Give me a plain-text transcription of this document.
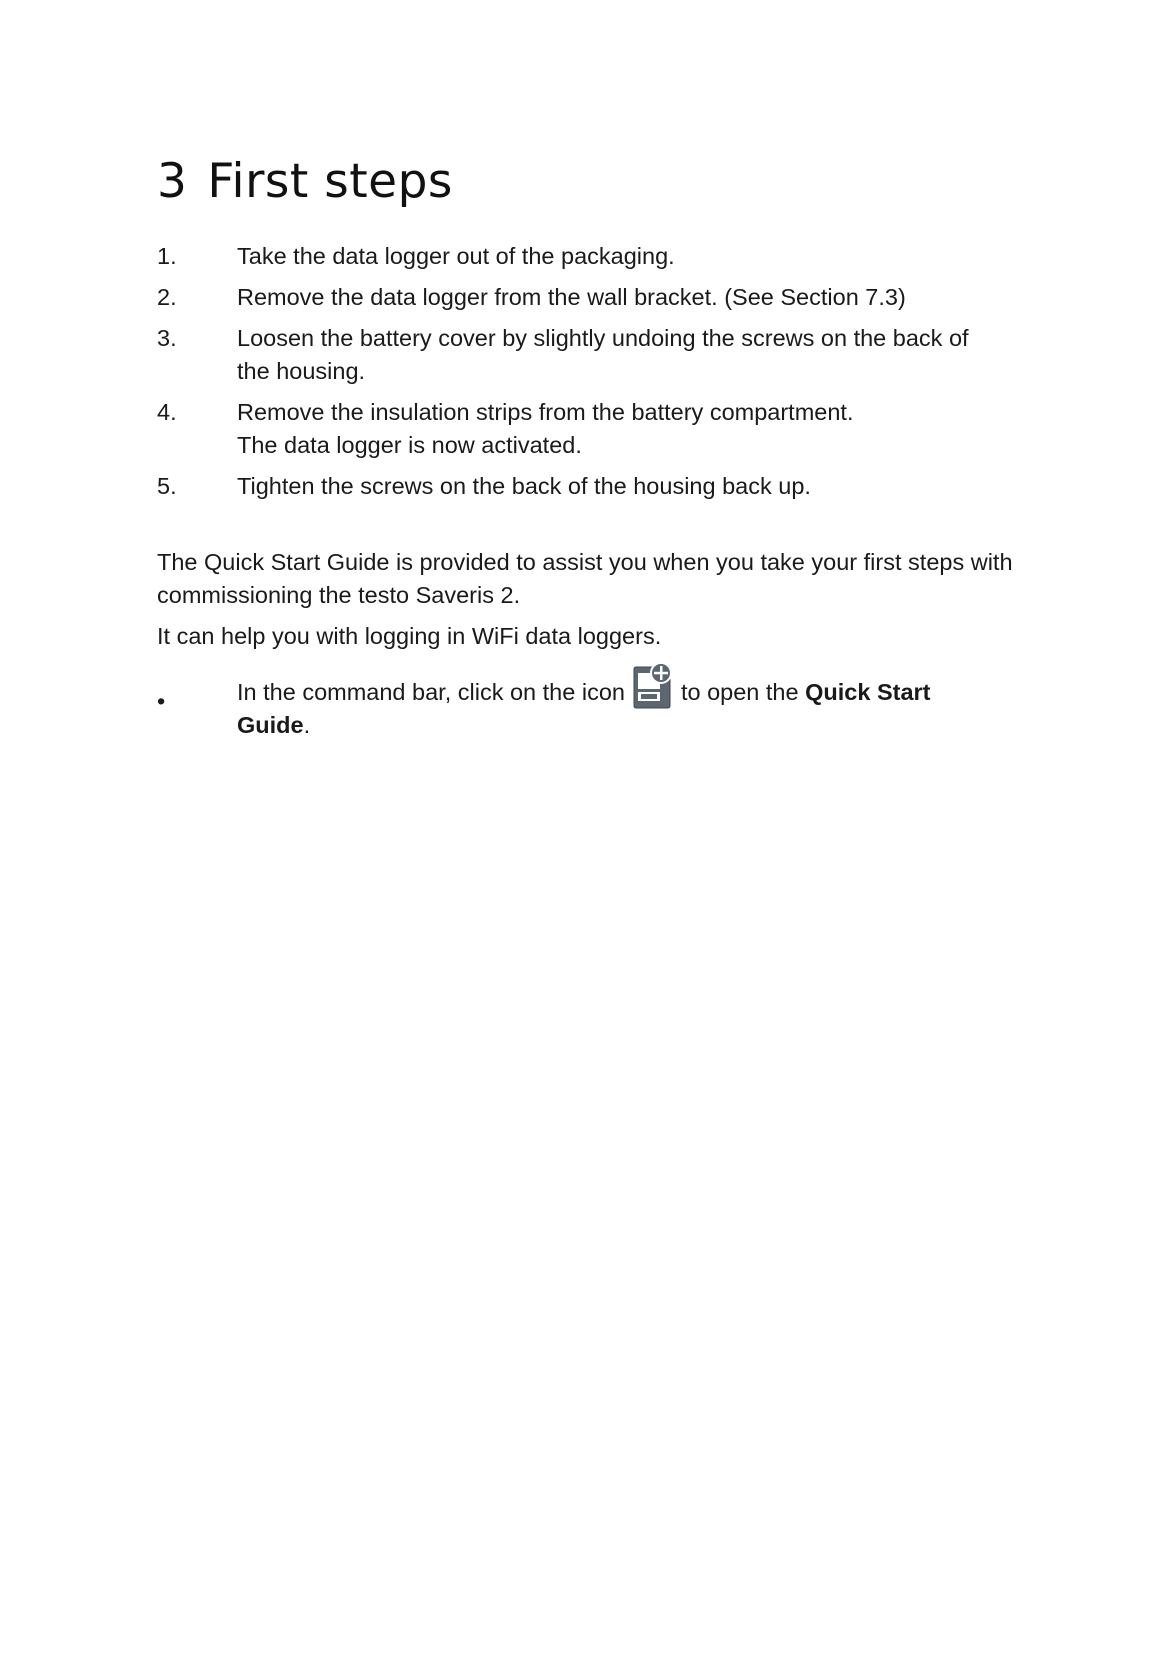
3 First steps
1.	Take the data logger out of the packaging.
2.	Remove the data logger from the wall bracket. (See Section 7.3)
3.	Loosen the battery cover by slightly undoing the screws on the back of
the housing.
4.	Remove the insulation strips from the battery compartment.
The data logger is now activated.
5.	Tighten the screws on the back of the housing back up.

The Quick Start Guide is provided to assist you when you take your first steps with commissioning the testo Saveris 2.

It can help you with logging in WiFi data loggers.

•	In the command bar, click on the icon to open the Quick Start
Guide.
